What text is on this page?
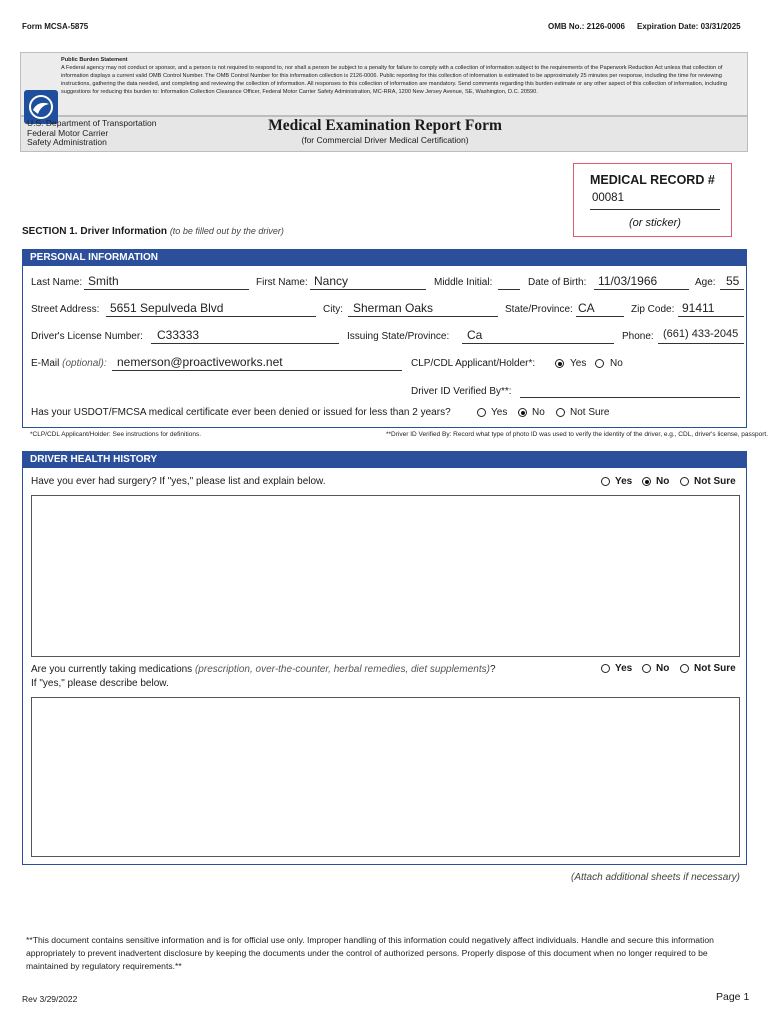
Form MCSA-5875	OMB No.: 2126-0006 Expiration Date: 03/31/2025
Public Burden Statement
A Federal agency may not conduct or sponsor, and a person is not required to respond to, nor shall a person be subject to a penalty for failure to comply with a collection of information subject to the requirements of the Paperwork Reduction Act unless that collection of information displays a current valid OMB Control Number. The OMB Control Number for this information collection is 2126-0006. Public reporting for this collection of information is estimated to be approximately 25 minutes per response, including the time for reviewing instructions, gathering the data needed, and completing and reviewing the collection of information. All responses to this collection of information are mandatory. Send comments regarding this burden estimate or any other aspect of this collection of information, including suggestions for reducing this burden to: Information Collection Clearance Officer, Federal Motor Carrier Safety Administration, MC-RRA, 1200 New Jersey Avenue, SE, Washington, D.C. 20590.
U.S. Department of Transportation
Federal Motor Carrier
Safety Administration
Medical Examination Report Form
(for Commercial Driver Medical Certification)
MEDICAL RECORD #
00081
(or sticker)
SECTION 1. Driver Information (to be filled out by the driver)
PERSONAL INFORMATION
Last Name: Smith	First Name: Nancy	Middle Initial:	Date of Birth: 11/03/1966	Age: 55
Street Address: 5651 Sepulveda Blvd	City: Sherman Oaks	State/Province: CA	Zip Code: 91411
Driver's License Number: C33333	Issuing State/Province: Ca	Phone: (661) 433-2045
E-Mail (optional): nemerson@proactiveworks.net	CLP/CDL Applicant/Holder*:	Yes No
Driver ID Verified By**:
Has your USDOT/FMCSA medical certificate ever been denied or issued for less than 2 years?	Yes No	Not Sure
*CLP/CDL Applicant/Holder: See instructions for definitions.	**Driver ID Verified By: Record what type of photo ID was used to verify the identity of the driver, e.g., CDL, driver's license, passport.
DRIVER HEALTH HISTORY
Have you ever had surgery? If "yes," please list and explain below.	Yes No Not Sure
Are you currently taking medications (prescription, over-the-counter, herbal remedies, diet supplements)?
If "yes," please describe below.
Yes No Not Sure
(Attach additional sheets if necessary)
**This document contains sensitive information and is for official use only. Improper handling of this information could negatively affect individuals. Handle and secure this information appropriately to prevent inadvertent disclosure by keeping the documents under the control of authorized persons. Properly dispose of this document when no longer required to be maintained by regulatory requirements.**
Rev 3/29/2022	Page 1
